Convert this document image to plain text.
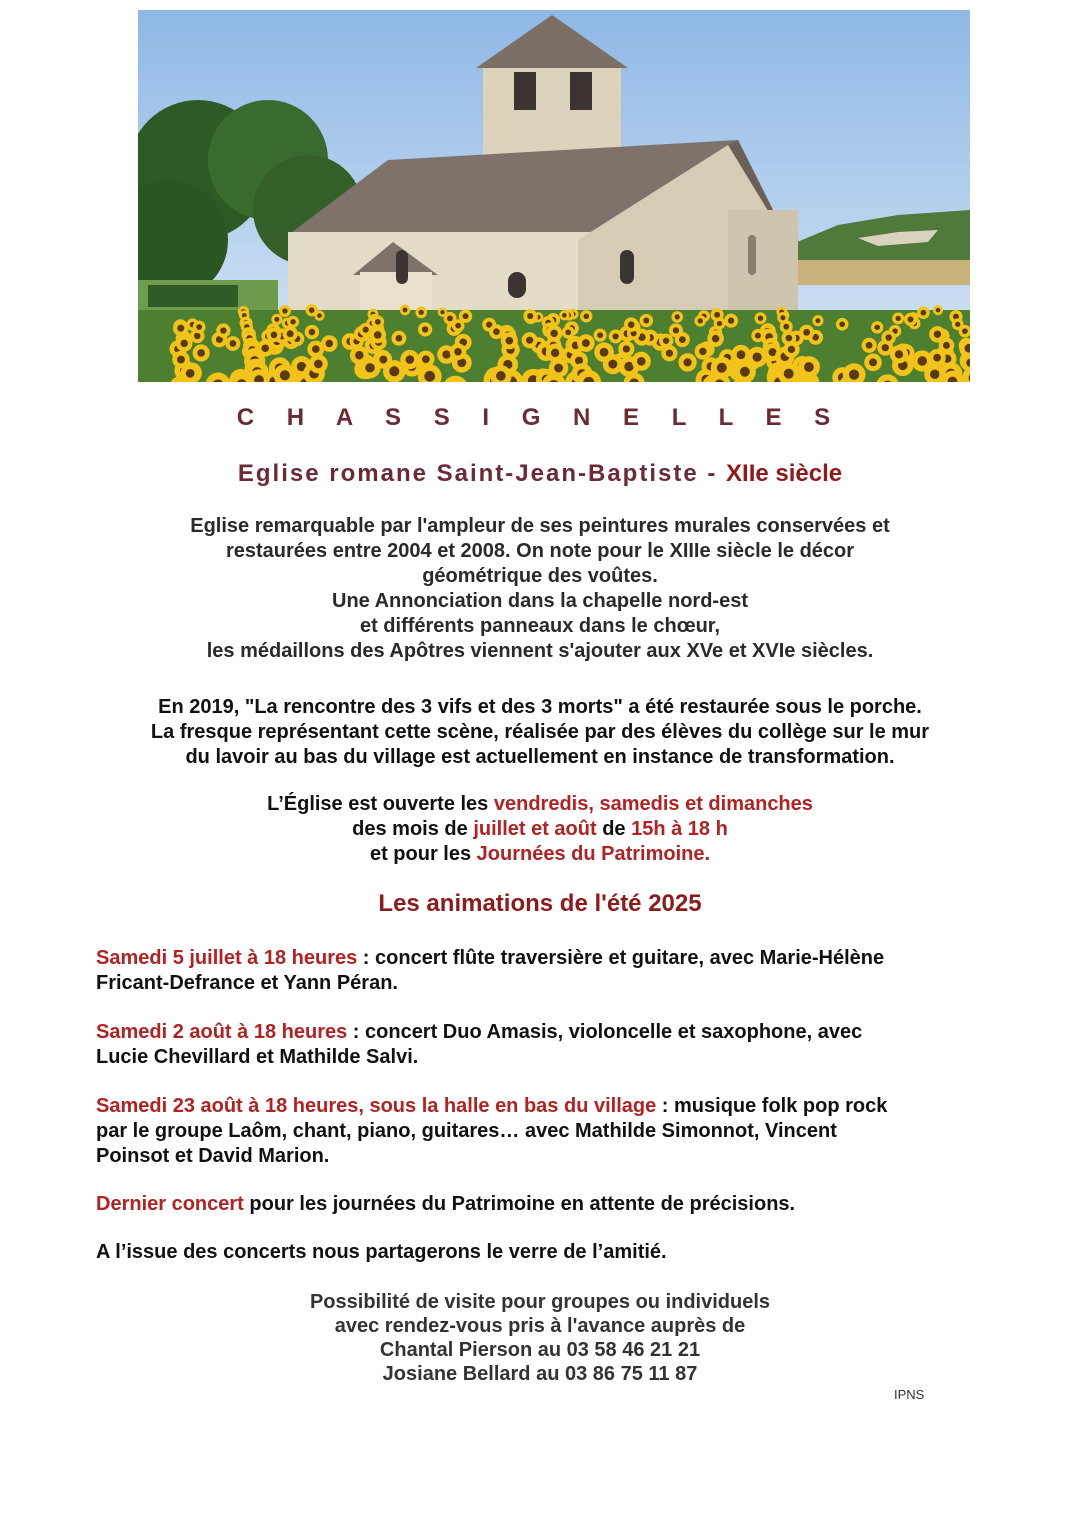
C H A S S I G N E L L E S
Eglise romane Saint-Jean-Baptiste - XIIe siècle
Eglise remarquable par l'ampleur de ses peintures murales conservées et
restaurées entre 2004 et 2008. On note pour le XIIIe siècle le décor
géométrique des voûtes.
Une Annonciation dans la chapelle nord-est
et différents panneaux dans le chœur,
les médaillons des Apôtres viennent s'ajouter aux XVe et XVIe siècles.
En 2019, "La rencontre des 3 vifs et des 3 morts" a été restaurée sous le porche.
La fresque représentant cette scène, réalisée par des élèves du collège sur le mur
du lavoir au bas du village est actuellement en instance de transformation.
L’Église est ouverte les vendredis, samedis et dimanches
des mois de juillet et août de 15h à 18 h
et pour les Journées du Patrimoine.
Les animations de l'été 2025
Samedi 5 juillet à 18 heures : concert flûte traversière et guitare, avec Marie-Hélène
Fricant-Defrance et Yann Péran.
Samedi 2 août à 18 heures : concert Duo Amasis, violoncelle et saxophone, avec
Lucie Chevillard et Mathilde Salvi.
Samedi 23 août à 18 heures, sous la halle en bas du village : musique folk pop rock
par le groupe Laôm, chant, piano, guitares… avec Mathilde Simonnot, Vincent
Poinsot et David Marion.
Dernier concert pour les journées du Patrimoine en attente de précisions.
A l’issue des concerts nous partagerons le verre de l’amitié.
Possibilité de visite pour groupes ou individuels
avec rendez-vous pris à l'avance auprès de
Chantal Pierson au 03 58 46 21 21
Josiane Bellard au 03 86 75 11 87
IPNS
